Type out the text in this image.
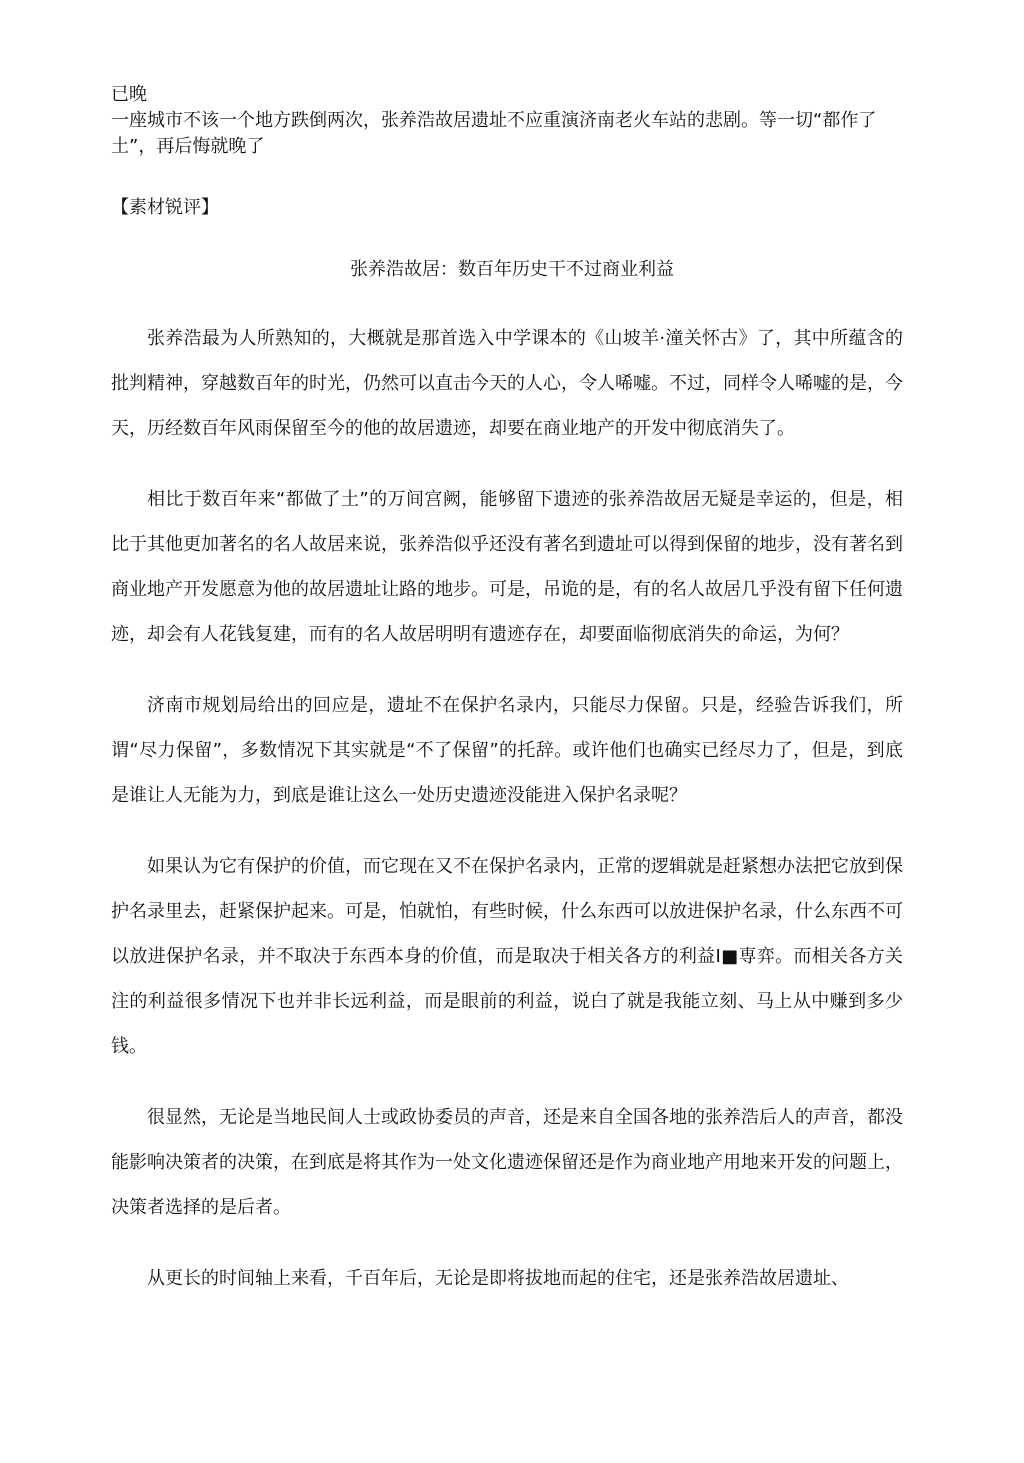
已晚

一座城市不该一个地方跌倒两次，张养浩故居遗址不应重演济南老火车站的悲剧。等一切“都作了土”，再后悔就晚了

【素材锐评】

张养浩故居：数百年历史干不过商业利益

张养浩最为人所熟知的，大概就是那首选入中学课本的《山坡羊·潼关怀古》了，其中所蕴含的批判精神，穿越数百年的时光，仍然可以直击今天的人心，令人唏嘘。不过，同样令人唏嘘的是，今天，历经数百年风雨保留至今的他的故居遗迹，却要在商业地产的开发中彻底消失了。

相比于数百年来“都做了土”的万间宫阙，能够留下遗迹的张养浩故居无疑是幸运的，但是，相比于其他更加著名的名人故居来说，张养浩似乎还没有著名到遗址可以得到保留的地步，没有著名到商业地产开发愿意为他的故居遗址让路的地步。可是，吊诡的是，有的名人故居几乎没有留下任何遗迹，却会有人花钱复建，而有的名人故居明明有遗迹存在，却要面临彻底消失的命运，为何？

济南市规划局给出的回应是，遗址不在保护名录内，只能尽力保留。只是，经验告诉我们，所谓“尽力保留”，多数情况下其实就是“不了保留”的托辞。或许他们也确实已经尽力了，但是，到底是谁让人无能为力，到底是谁让这么一处历史遗迹没能进入保护名录呢？

如果认为它有保护的价值，而它现在又不在保护名录内，正常的逻辑就是赶紧想办法把它放到保护名录里去，赶紧保护起来。可是，怕就怕，有些时候，什么东西可以放进保护名录，什么东西不可以放进保护名录，并不取决于东西本身的价值，而是取决于相关各方的利益I■専弈。而相关各方关注的利益很多情况下也并非长远利益，而是眼前的利益，说白了就是我能立刻、马上从中赚到多少钱。

很显然，无论是当地民间人士或政协委员的声音，还是来自全国各地的张养浩后人的声音，都没能影响决策者的决策，在到底是将其作为一处文化遗迹保留还是作为商业地产用地来开发的问题上，决策者选择的是后者。

从更长的时间轴上来看，千百年后，无论是即将拔地而起的住宅，还是张养浩故居遗址、
